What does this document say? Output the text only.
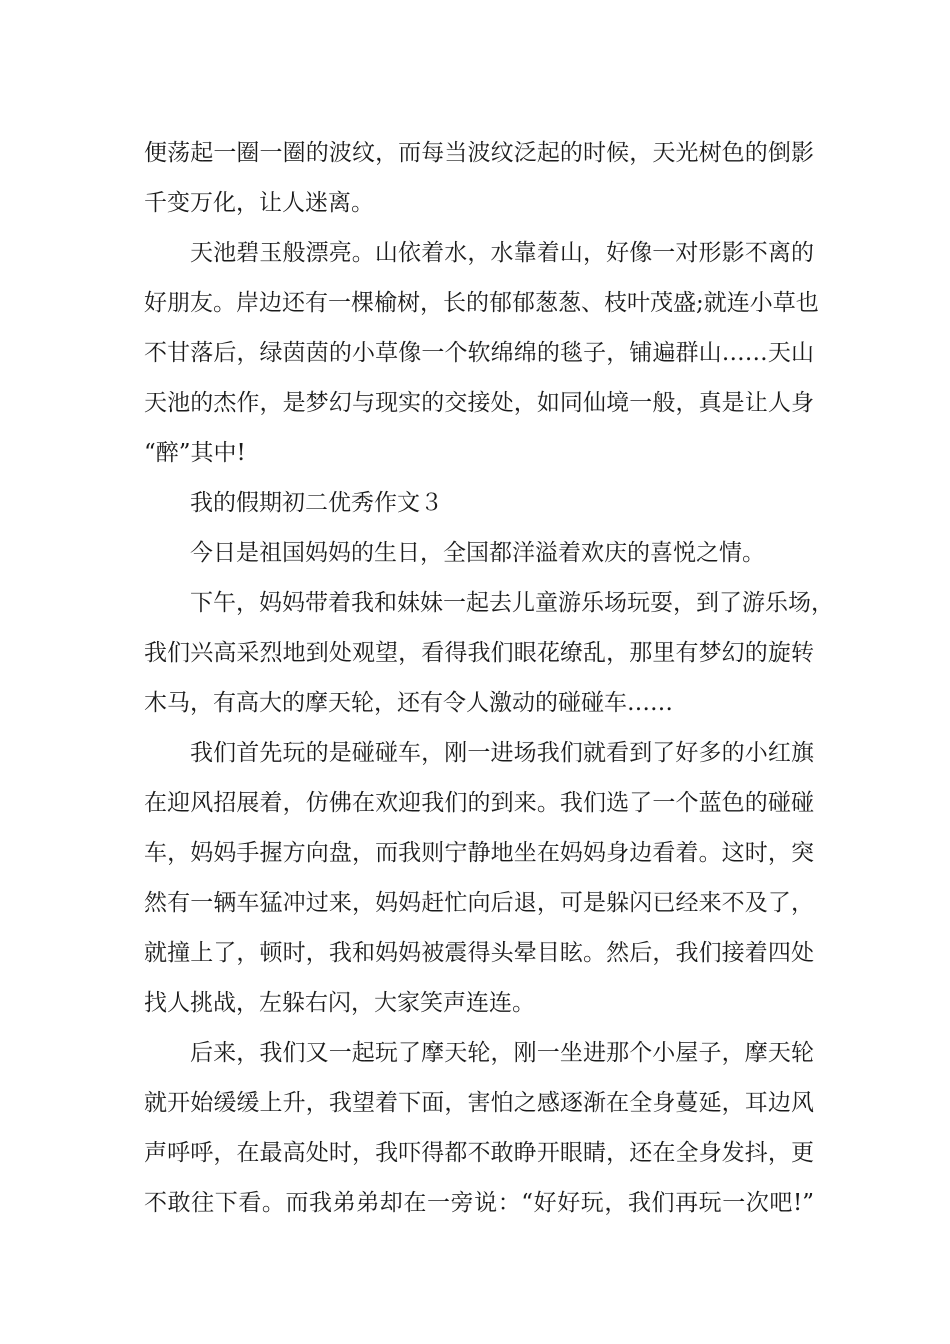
便荡起一圈一圈的波纹，而每当波纹泛起的时候，天光树色的倒影
千变万化，让人迷离。
天池碧玉般漂亮。山依着水，水靠着山，好像一对形影不离的
好朋友。岸边还有一棵榆树，长的郁郁葱葱、枝叶茂盛;就连小草也
不甘落后，绿茵茵的小草像一个软绵绵的毯子，铺遍群山……天山
天池的杰作，是梦幻与现实的交接处，如同仙境一般，真是让人身
“醉”其中!
我的假期初二优秀作文３
今日是祖国妈妈的生日，全国都洋溢着欢庆的喜悦之情。
下午，妈妈带着我和妹妹一起去儿童游乐场玩耍，到了游乐场，
我们兴高采烈地到处观望，看得我们眼花缭乱，那里有梦幻的旋转
木马，有高大的摩天轮，还有令人激动的碰碰车……
我们首先玩的是碰碰车，刚一进场我们就看到了好多的小红旗
在迎风招展着，仿佛在欢迎我们的到来。我们选了一个蓝色的碰碰
车，妈妈手握方向盘，而我则宁静地坐在妈妈身边看着。这时，突
然有一辆车猛冲过来，妈妈赶忙向后退，可是躲闪已经来不及了，
就撞上了，顿时，我和妈妈被震得头晕目眩。然后，我们接着四处
找人挑战，左躲右闪，大家笑声连连。
后来，我们又一起玩了摩天轮，刚一坐进那个小屋子，摩天轮
就开始缓缓上升，我望着下面，害怕之感逐渐在全身蔓延，耳边风
声呼呼，在最高处时，我吓得都不敢睁开眼睛，还在全身发抖，更
不敢往下看。而我弟弟却在一旁说：“好好玩，我们再玩一次吧!”
